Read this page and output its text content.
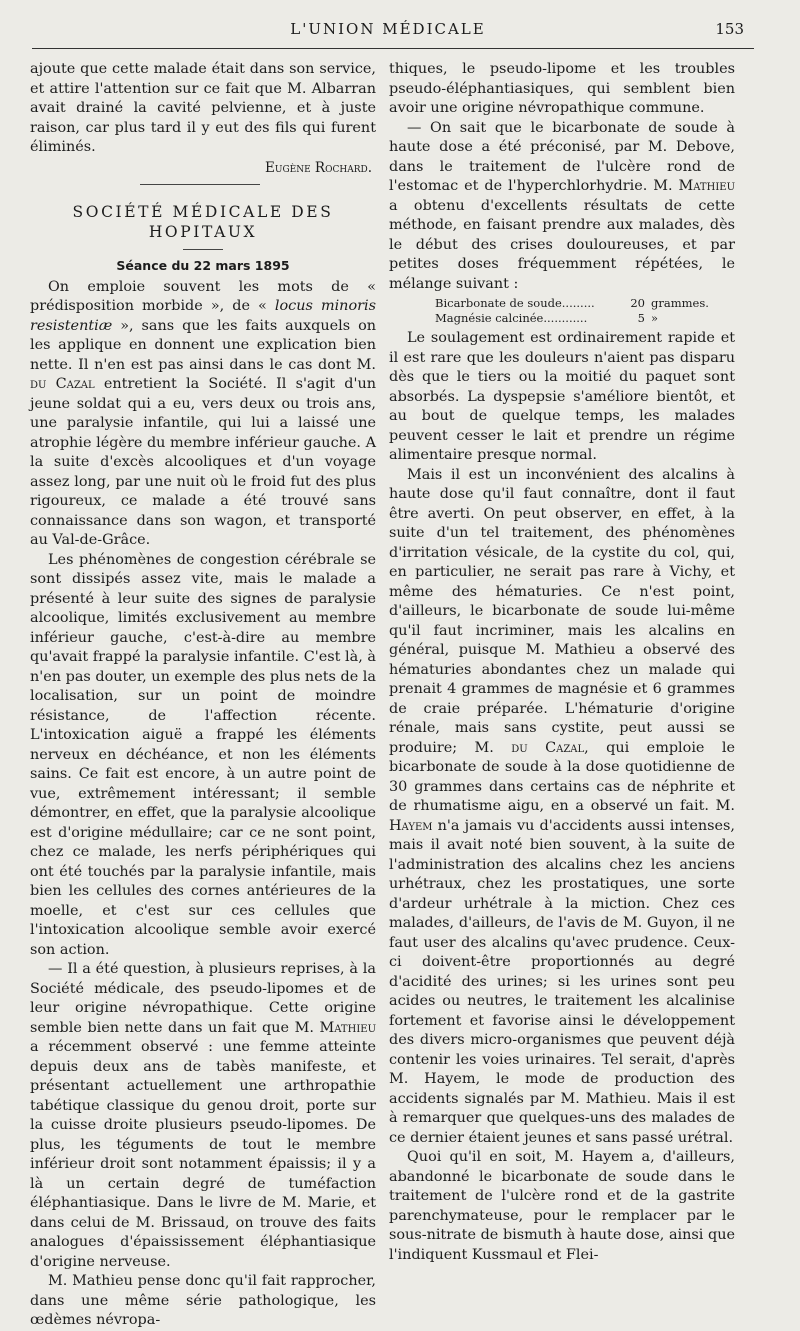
L'UNION MÉDICALE	153

ajoute que cette malade était dans son service, et attire l'attention sur ce fait que M. Albarran avait drainé la cavité pelvienne, et à juste raison, car plus tard il y eut des fils qui furent éliminés.

Eugène Rochard.
SOCIÉTÉ MÉDICALE DES HOPITAUX
Séance du 22 mars 1895

On emploie souvent les mots de « prédisposition morbide », de « locus minoris resistentiæ », sans que les faits auxquels on les applique en donnent une explication bien nette. Il n'en est pas ainsi dans le cas dont M. du Cazal entretient la Société. Il s'agit d'un jeune soldat qui a eu, vers deux ou trois ans, une paralysie infantile, qui lui a laissé une atrophie légère du membre inférieur gauche. A la suite d'excès alcooliques et d'un voyage assez long, par une nuit où le froid fut des plus rigoureux, ce malade a été trouvé sans connaissance dans son wagon, et transporté au Val-de-Grâce.

Les phénomènes de congestion cérébrale se sont dissipés assez vite, mais le malade a présenté à leur suite des signes de paralysie alcoolique, limités exclusivement au membre inférieur gauche, c'est-à-dire au membre qu'avait frappé la paralysie infantile. C'est là, à n'en pas douter, un exemple des plus nets de la localisation, sur un point de moindre résistance, de l'affection récente. L'intoxication aiguë a frappé les éléments nerveux en déchéance, et non les éléments sains. Ce fait est encore, à un autre point de vue, extrêmement intéressant; il semble démontrer, en effet, que la paralysie alcoolique est d'origine médullaire; car ce ne sont point, chez ce malade, les nerfs périphériques qui ont été touchés par la paralysie infantile, mais bien les cellules des cornes antérieures de la moelle, et c'est sur ces cellules que l'intoxication alcoolique semble avoir exercé son action.

— Il a été question, à plusieurs reprises, à la Société médicale, des pseudo-lipomes et de leur origine névropathique. Cette origine semble bien nette dans un fait que M. Mathieu a récemment observé : une femme atteinte depuis deux ans de tabès manifeste, et présentant actuellement une arthropathie tabétique classique du genou droit, porte sur la cuisse droite plusieurs pseudo-lipomes. De plus, les téguments de tout le membre inférieur droit sont notamment épaissis; il y a là un certain degré de tuméfaction éléphantiasique. Dans le livre de M. Marie, et dans celui de M. Brissaud, on trouve des faits analogues d'épaississement éléphantiasique d'origine nerveuse.

M. Mathieu pense donc qu'il fait rapprocher, dans une même série pathologique, les œdèmes névropa-

thiques, le pseudo-lipome et les troubles pseudo-éléphantiasiques, qui semblent bien avoir une origine névropathique commune.

— On sait que le bicarbonate de soude à haute dose a été préconisé, par M. Debove, dans le traitement de l'ulcère rond de l'estomac et de l'hyperchlorhydrie. M. Mathieu a obtenu d'excellents résultats de cette méthode, en faisant prendre aux malades, dès le début des crises douloureuses, et par petites doses fréquemment répétées, le mélange suivant :

Bicarbonate de soude.........	20 grammes.
Magnésie calcinée............	5 »

Le soulagement est ordinairement rapide et il est rare que les douleurs n'aient pas disparu dès que le tiers ou la moitié du paquet sont absorbés. La dyspepsie s'améliore bientôt, et au bout de quelque temps, les malades peuvent cesser le lait et prendre un régime alimentaire presque normal.

Mais il est un inconvénient des alcalins à haute dose qu'il faut connaître, dont il faut être averti. On peut observer, en effet, à la suite d'un tel traitement, des phénomènes d'irritation vésicale, de la cystite du col, qui, en particulier, ne serait pas rare à Vichy, et même des hématuries. Ce n'est point, d'ailleurs, le bicarbonate de soude lui-même qu'il faut incriminer, mais les alcalins en général, puisque M. Mathieu a observé des hématuries abondantes chez un malade qui prenait 4 grammes de magnésie et 6 grammes de craie préparée. L'hématurie d'origine rénale, mais sans cystite, peut aussi se produire; M. du Cazal, qui emploie le bicarbonate de soude à la dose quotidienne de 30 grammes dans certains cas de néphrite et de rhumatisme aigu, en a observé un fait. M. Hayem n'a jamais vu d'accidents aussi intenses, mais il avait noté bien souvent, à la suite de l'administration des alcalins chez les anciens urhétraux, chez les prostatiques, une sorte d'ardeur urhétrale à la miction. Chez ces malades, d'ailleurs, de l'avis de M. Guyon, il ne faut user des alcalins qu'avec prudence. Ceux-ci doivent-être proportionnés au degré d'acidité des urines; si les urines sont peu acides ou neutres, le traitement les alcalinise fortement et favorise ainsi le développement des divers micro-organismes que peuvent déjà contenir les voies urinaires. Tel serait, d'après M. Hayem, le mode de production des accidents signalés par M. Mathieu. Mais il est à remarquer que quelques-uns des malades de ce dernier étaient jeunes et sans passé urétral.

Quoi qu'il en soit, M. Hayem a, d'ailleurs, abandonné le bicarbonate de soude dans le traitement de l'ulcère rond et de la gastrite parenchymateuse, pour le remplacer par le sous-nitrate de bismuth à haute dose, ainsi que l'indiquent Kussmaul et Flei-
